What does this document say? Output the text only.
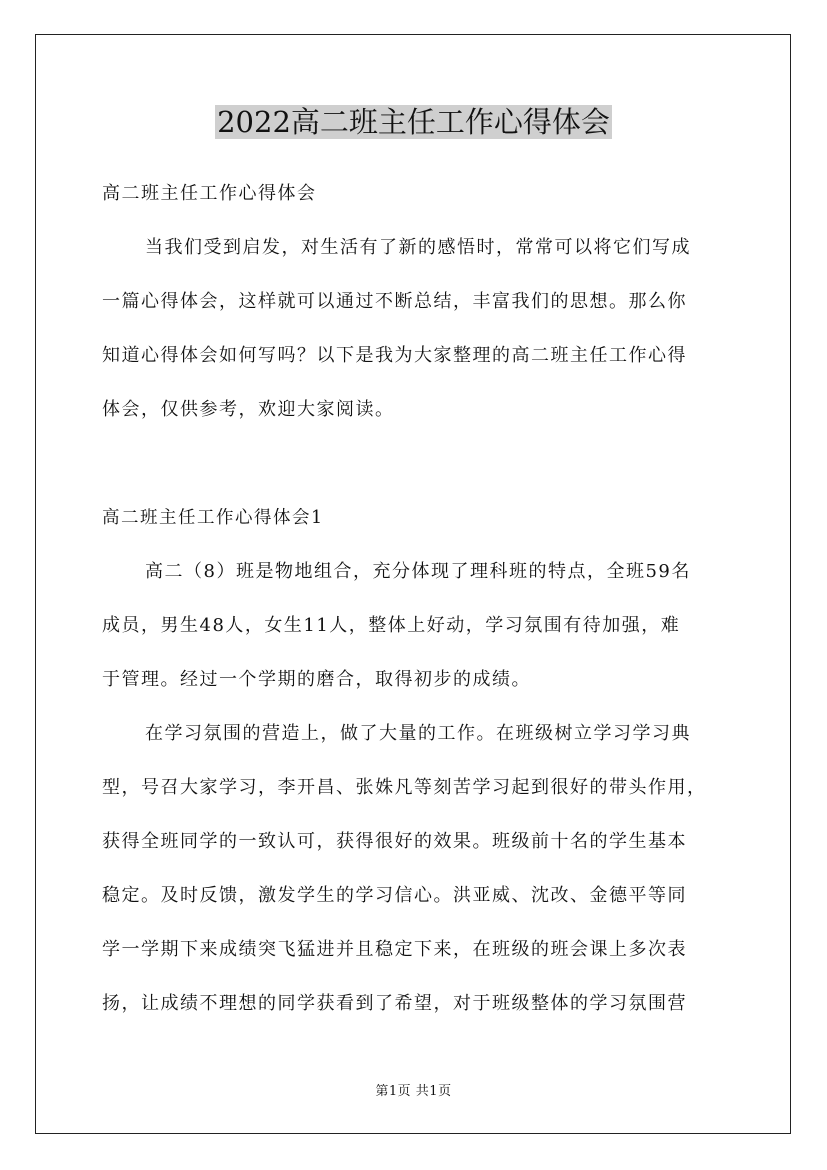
2022高二班主任工作心得体会
高二班主任工作心得体会
当我们受到启发，对生活有了新的感悟时，常常可以将它们写成
一篇心得体会，这样就可以通过不断总结，丰富我们的思想。那么你
知道心得体会如何写吗？以下是我为大家整理的高二班主任工作心得
体会，仅供参考，欢迎大家阅读。
高二班主任工作心得体会1
高二（8）班是物地组合，充分体现了理科班的特点，全班59名
成员，男生48人，女生11人，整体上好动，学习氛围有待加强，难
于管理。经过一个学期的磨合，取得初步的成绩。
在学习氛围的营造上，做了大量的工作。在班级树立学习学习典
型，号召大家学习，李开昌、张姝凡等刻苦学习起到很好的带头作用，
获得全班同学的一致认可，获得很好的效果。班级前十名的学生基本
稳定。及时反馈，激发学生的学习信心。洪亚威、沈改、金德平等同
学一学期下来成绩突飞猛进并且稳定下来，在班级的班会课上多次表
扬，让成绩不理想的同学获看到了希望，对于班级整体的学习氛围营
第1页 共1页
